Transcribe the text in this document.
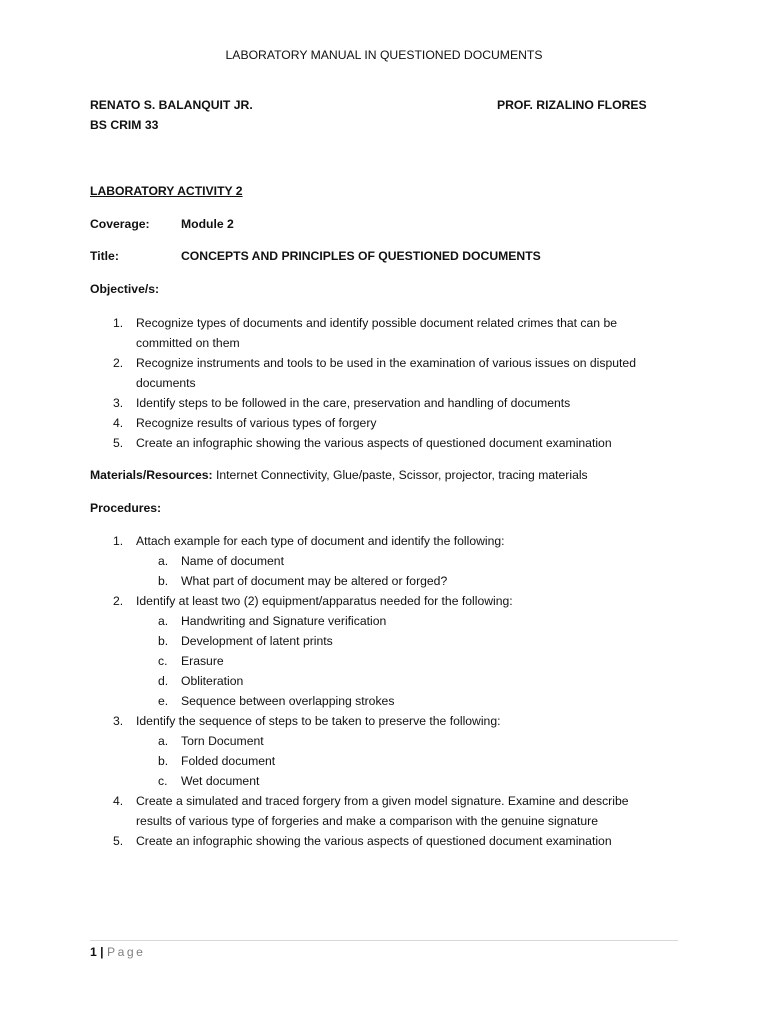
LABORATORY MANUAL IN QUESTIONED DOCUMENTS
RENATO S. BALANQUIT JR.	PROF. RIZALINO FLORES
BS CRIM 33
LABORATORY ACTIVITY 2
Coverage:	Module 2
Title:	CONCEPTS AND PRINCIPLES OF QUESTIONED DOCUMENTS
Objective/s:
1. Recognize types of documents and identify possible document related crimes that can be
committed on them
2. Recognize instruments and tools to be used in the examination of various issues on disputed
documents
3. Identify steps to be followed in the care, preservation and handling of documents
4. Recognize results of various types of forgery
5. Create an infographic showing the various aspects of questioned document examination
Materials/Resources: Internet Connectivity, Glue/paste, Scissor, projector, tracing materials
Procedures:
1. Attach example for each type of document and identify the following:
a. Name of document
b. What part of document may be altered or forged?
2. Identify at least two (2) equipment/apparatus needed for the following:
a. Handwriting and Signature verification
b. Development of latent prints
c. Erasure
d. Obliteration
e. Sequence between overlapping strokes
3. Identify the sequence of steps to be taken to preserve the following:
a. Torn Document
b. Folded document
c. Wet document
4. Create a simulated and traced forgery from a given model signature. Examine and describe
results of various type of forgeries and make a comparison with the genuine signature
5. Create an infographic showing the various aspects of questioned document examination
1 | Page
